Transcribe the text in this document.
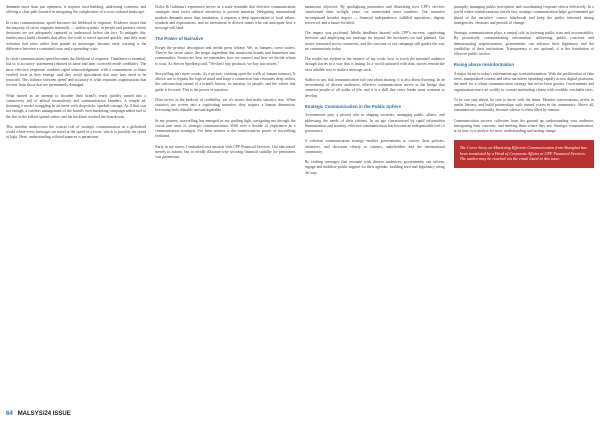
demands more than just openness; it requires trust-building, addressing concerns, and offering a clear path forward in navigating the complexities of a cross-cultural landscape.

In crisis communication, speed becomes the lifeblood of response. Evidence shows that the majority of crises originate internally — within systems, in people and partners whose decisions are not adequately captured or understood before the fact. To mitigate this, leaders must build channels that allow the truth to travel upward quickly, and they must welcome bad news rather than punish its messenger, because early warning is the difference between a contained issue and a spreading crisis.

In crisis communication, speed becomes the lifeblood of response. Timeliness is essential, but so is accuracy: statements released in haste and later corrected erode credibility. The most effective responses combine rapid acknowledgement with a commitment to share verified facts as they emerge, and they avoid speculation that may later need to be retracted. This balance between speed and accuracy is what separates organisations that recover from those that are permanently damaged.

What started as an attempt to broaden their brand's reach quickly turned into a controversy full of ethical insensitivity and communication blunders. A simple ad, featuring a model struggling in an arena with chopsticks, sparked outrage. As if that was not enough, a careless management of the brand's own marketing campaign added fuel to the fire as the fallout spread online and the backlash reached the boardroom.

This incident underscores the critical role of strategic communication in a globalised world where every message can travel at the speed of a tweet, which is possibly the speed of light. Here, understanding cultural nuances is paramount.

Dolce & Gabbana's experience serves as a stark reminder that effective communication strategies must factor cultural sensitivity to prevent missteps. Navigating international markets demands more than translation; it requires a deep appreciation of local values, symbols and expectations, and an investment in diverse teams who can anticipate how a message will land.

The Power of Narrative

Forget the product description and media press release. We, as humans, crave stories. They're the secret sauce, the magic ingredient that transforms brands and businesses into communities. Stories are how we remember, how we connect and how we decide whom to trust. As Steven Spielberg said, "We don't buy products; we buy into stories."

Storytelling isn't mere words; it's a picture, cracking open the walls of human memory. It allows one to bypass the logical mind and forge a connection that resonates deep within, the subconscious turned of a brand's history, its mission, its people, and the values that guide it forward. This is the power of narrative.

Data serves as the bedrock of credibility, yet it's stories that make statistics stay. When statistics are woven into a captivating narrative, they acquire a human dimension, becoming both relatable and unforgettable.

In my journey, storytelling has emerged as my guiding light, navigating me through the twists and turns of strategic communication. With over a decade of experience as a communication strategist, I've been witness to the transformative power of storytelling firsthand.

Early in my career, I embarked on a mission with CPF Financial Services. Our aim wasn't merely to inform, but to vividly illustrate why securing financial stability for pensioners was paramount.

paramount objective. By spotlighting pensioners and illustrating how CPF's services transformed their twilight years, we transcended mere numbers. Our narrative encompassed broader impact — financial independence, fulfilled aspirations, dignity preserved, and a future fortified.

The impact was profound. Media headlines buzzed with CPF's success, captivating investors and amplifying our message far beyond the brochures we had planned. Our stories resonated across continents, and the outcome of our campaign still guides the way we communicate today.

The results are evident in the essence of my work: how to touch the intended audience through stories in a way that is lasting. In a world saturated with data, stories remain the most reliable way to make a message stick.

Suffice to say, that communication isn't just about sharing; it is also about listening. In an environment of diverse audiences, effective communication serves as the bridge that connects people of all walks of life, and it is a skill that every leader must continue to develop.

Strategic Communication in the Public Sphere

Governments play a pivotal role in shaping societies, managing public affairs, and addressing the needs of their citizens. In an age characterised by rapid information dissemination and scrutiny, effective communication has become an indispensable tool of governance.

A coherent communication strategy enables governments to convey their policies, initiatives, and decisions clearly to citizens, stakeholders and the international community.

By crafting messages that resonate with diverse audiences, governments can inform, engage and mobilise public support for their agendas, building trust and legitimacy along the way.

promptly, managing public perception, and coordinating response efforts effectively. In a world where misinformation travels fast, strategic communication helps governments get ahead of the narrative, correct falsehoods and keep the public informed during emergencies, elections and periods of change.

Strategic communication plays a central role in fostering public trust and accountability. By proactively communicating information, addressing public concerns and demonstrating responsiveness, governments can enhance their legitimacy and the credibility of their institutions. Transparency is not optional; it is the foundation of effective public service.

Rising above misinformation

A major threat to today's information age is misinformation. With the proliferation of fake news, manipulated content and false narratives spreading rapidly across digital platforms, the need for a robust communication strategy has never been greater. Governments and organisations must act swiftly to counter misleading claims with credible, verifiable facts.

To be one step ahead, be sure to move with the times. Monitor conversations, invest in media literacy, and build partnerships with trusted voices in the community. Above all, communicate consistently, because silence is often filled by rumour.

Communication success cultivates from the ground up: understanding your audience, anticipating their concerns, and meeting them where they are. Strategic communication, at its best, is a catalyst for trust, understanding and lasting change.

The Cover Story on Mastering Effective Communication from Shanghai has been translated by a Head of Corporate Affairs at CPF Financial Services. The author may be reached via the email listed in this issue.
64 MALSYS/24 ISSUE
